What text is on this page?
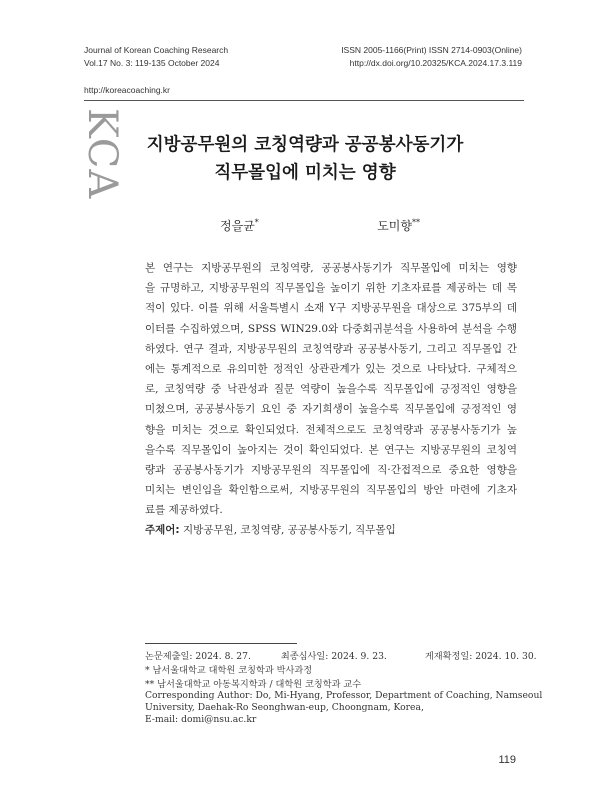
Journal of Korean Coaching Research
Vol.17 No. 3: 119-135 October 2024
ISSN 2005-1166(Print) ISSN 2714-0903(Online)
http://dx.doi.org/10.20325/KCA.2024.17.3.119
http://koreacoaching.kr
KCA	지방공무원의 코칭역량과 공공봉사동기가
직무몰입에 미치는 영향
정을균*	도미향**
본 연구는 지방공무원의 코칭역량, 공공봉사동기가 직무몰입에 미치는 영향
을 규명하고, 지방공무원의 직무몰입을 높이기 위한 기초자료를 제공하는 데 목
적이 있다. 이를 위해 서울특별시 소재 Y구 지방공무원을 대상으로 375부의 데
이터를 수집하였으며, SPSS WIN29.0와 다중회귀분석을 사용하여 분석을 수행
하였다. 연구 결과, 지방공무원의 코칭역량과 공공봉사동기, 그리고 직무몰입 간
에는 통계적으로 유의미한 정적인 상관관계가 있는 것으로 나타났다. 구체적으
로, 코칭역량 중 낙관성과 질문 역량이 높을수록 직무몰입에 긍정적인 영향을
미쳤으며, 공공봉사동기 요인 중 자기희생이 높을수록 직무몰입에 긍정적인 영
향을 미치는 것으로 확인되었다. 전체적으로도 코칭역량과 공공봉사동기가 높
을수록 직무몰입이 높아지는 것이 확인되었다. 본 연구는 지방공무원의 코칭역
량과 공공봉사동기가 지방공무원의 직무몰입에 직·간접적으로 중요한 영향을
미치는 변인임을 확인함으로써, 지방공무원의 직무몰입의 방안 마련에 기초자
료를 제공하였다.
주제어: 지방공무원, 코칭역량, 공공봉사동기, 직무몰입
논문제출일: 2024. 8. 27.	최종심사일: 2024. 9. 23.	게재확정일: 2024. 10. 30.
* 남서울대학교 대학원 코칭학과 박사과정
** 남서울대학교 아동복지학과 / 대학원 코칭학과 교수
Corresponding Author: Do, Mi-Hyang, Professor, Department of Coaching, Namseoul
University, Daehak-Ro Seonghwan-eup, Choongnam, Korea,
E-mail: domi@nsu.ac.kr
119
